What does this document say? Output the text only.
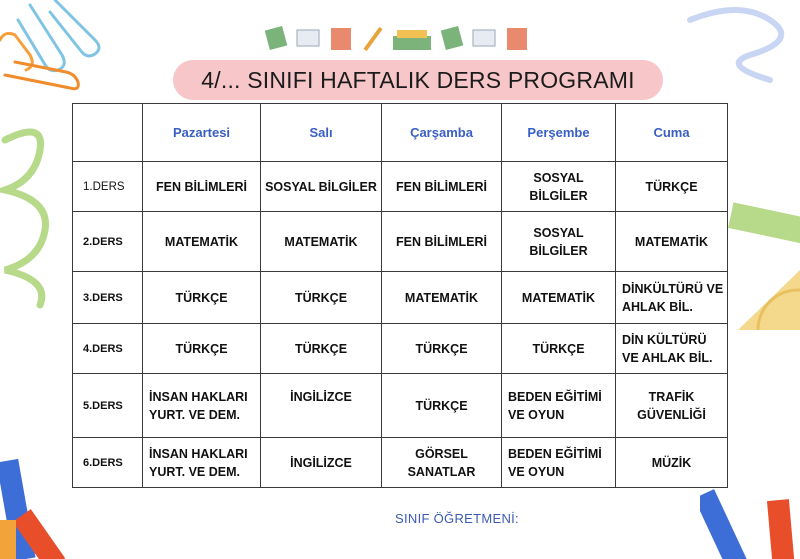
4/... SINIFI HAFTALIK DERS PROGRAMI
	Pazartesi	Salı	Çarşamba	Perşembe	Cuma
1.DERS	FEN BİLİMLERİ	SOSYAL BİLGİLER	FEN BİLİMLERİ	SOSYAL BİLGİLER	TÜRKÇE
2.DERS	MATEMATİK	MATEMATİK	FEN BİLİMLERİ	SOSYAL BİLGİLER	MATEMATİK
3.DERS	TÜRKÇE	TÜRKÇE	MATEMATİK	MATEMATİK	DİNKÜLTÜRÜ VE AHLAK BİL.
4.DERS	TÜRKÇE	TÜRKÇE	TÜRKÇE	TÜRKÇE	DİN KÜLTÜRÜ VE AHLAK BİL.
5.DERS	İNSAN HAKLARI YURT. VE DEM.	İNGİLİZCE	TÜRKÇE	BEDEN EĞİTİMİ VE OYUN	TRAFİK GÜVENLİĞİ
6.DERS	İNSAN HAKLARI YURT. VE DEM.	İNGİLİZCE	GÖRSEL SANATLAR	BEDEN EĞİTİMİ VE OYUN	MÜZİK
SINIF ÖĞRETMENİ:
